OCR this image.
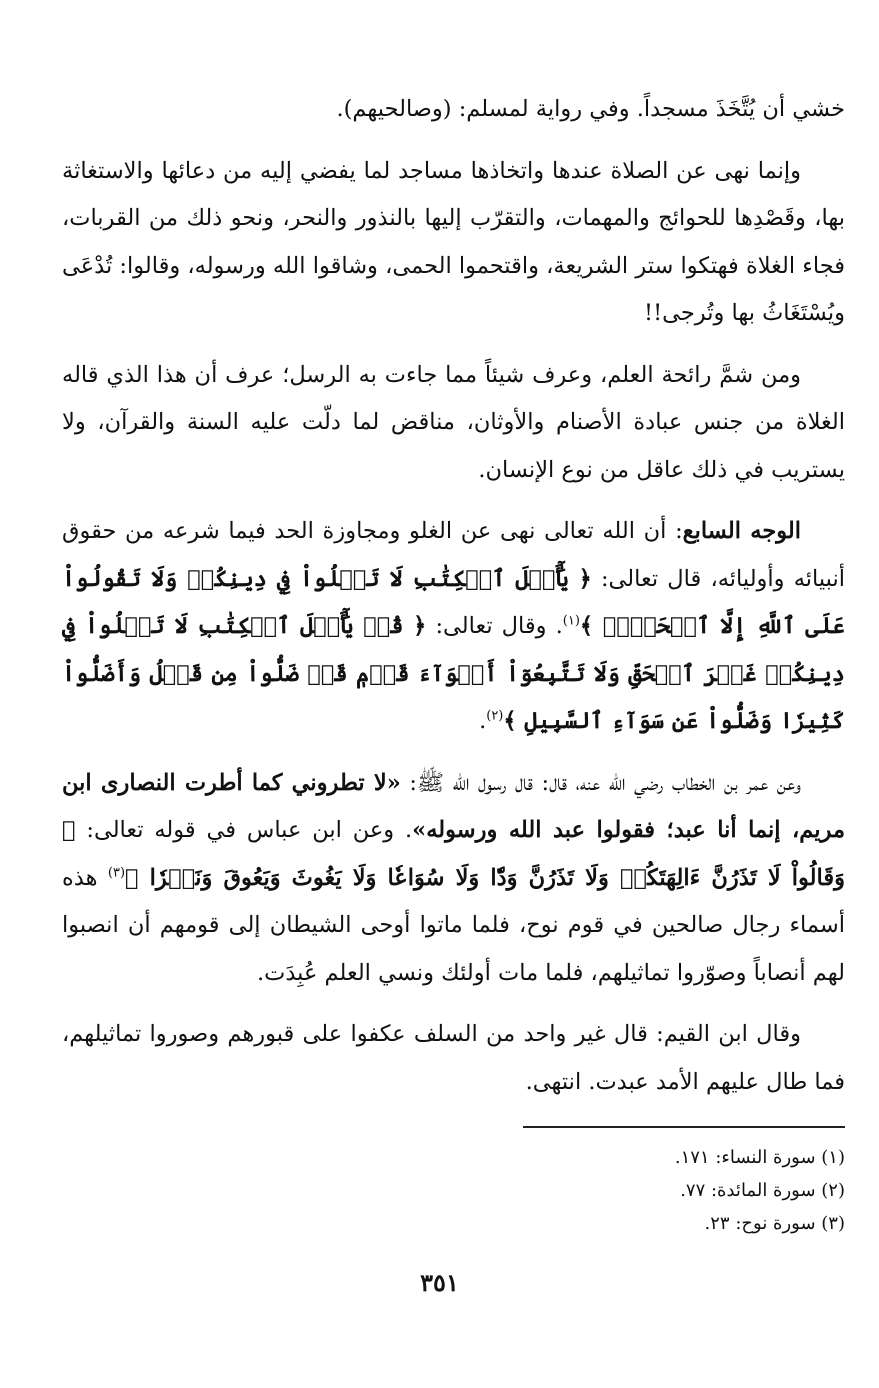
خشي أن يُتَّخَذَ مسجداً. وفي رواية لمسلم: (وصالحيهم).

وإنما نهى عن الصلاة عندها واتخاذها مساجد لما يفضي إليه من دعائها والاستغاثة بها، وقَصْدِها للحوائج والمهمات، والتقرّب إليها بالنذور والنحر، ونحو ذلك من القربات، فجاء الغلاة فهتكوا ستر الشريعة، واقتحموا الحمى، وشاقوا الله ورسوله، وقالوا: تُدْعَى ويُسْتَغَاثُ بها وتُرجى!!

ومن شمَّ رائحة العلم، وعرف شيئاً مما جاءت به الرسل؛ عرف أن هذا الذي قاله الغلاة من جنس عبادة الأصنام والأوثان، مناقض لما دلّت عليه السنة والقرآن، ولا يستريب في ذلك عاقل من نوع الإنسان.

الوجه السابع: أن الله تعالى نهى عن الغلو ومجاوزة الحد فيما شرعه من حقوق أنبيائه وأوليائه، قال تعالى: ﴿ يَٰٓأَهۡلَ ٱلۡكِتَٰبِ لَا تَغۡلُواْ فِي دِينِكُمۡ وَلَا تَقُولُواْ عَلَى ٱللَّهِ إِلَّا ٱلۡحَقَّۚ ﴾$^{(١)}$. وقال تعالى: ﴿ قُلۡ يَٰٓأَهۡلَ ٱلۡكِتَٰبِ لَا تَغۡلُواْ فِي دِينِكُمۡ غَيۡرَ ٱلۡحَقِّ وَلَا تَتَّبِعُوٓاْ أَهۡوَآءَ قَوۡمٖ قَدۡ ضَلُّواْ مِن قَبۡلُ وَأَضَلُّواْ كَثِيرٗا وَضَلُّواْ عَن سَوَآءِ ٱلسَّبِيلِ ﴾$^{(٢)}$.

وعن عمر بن الخطاب رضي الله عنه، قال: قال رسول الله ﷺ: «لا تطروني كما أطرت النصارى ابن مريم، إنما أنا عبد؛ فقولوا عبد الله ورسوله». وعن ابن عباس في قوله تعالى: ﴿ وَقَالُواْ لَا تَذَرُنَّ ءَالِهَتَكُمۡ وَلَا تَذَرُنَّ وَدّٗا وَلَا سُوَاعٗا وَلَا يَغُوثَ وَيَعُوقَ وَنَسۡرٗا ﴾$^{(٣)}$ هذه أسماء رجال صالحين في قوم نوح، فلما ماتوا أوحى الشيطان إلى قومهم أن انصبوا لهم أنصاباً وصوّروا تماثيلهم، فلما مات أولئك ونسي العلم عُبِدَت.

وقال ابن القيم: قال غير واحد من السلف عكفوا على قبورهم وصوروا تماثيلهم، فما طال عليهم الأمد عبدت. انتهى.

(١) سورة النساء: ١٧١.

(٢) سورة المائدة: ٧٧.

(٣) سورة نوح: ٢٣.

٣٥١
